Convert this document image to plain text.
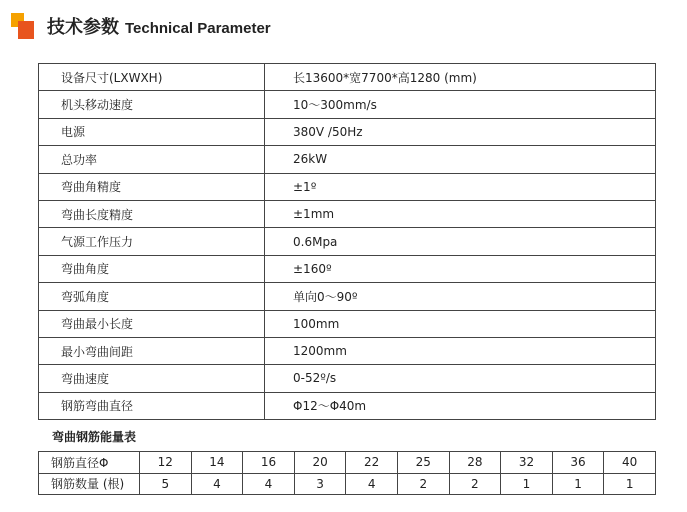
技术参数 Technical Parameter
设备尺寸(LXWXH)	长13600*宽7700*高1280 (mm)
机头移动速度	10～300mm/s
电源	380V /50Hz
总功率	26kW
弯曲角精度	±1º
弯曲长度精度	±1mm
气源工作压力	0.6Mpa
弯曲角度	±160º
弯弧角度	单向0～90º
弯曲最小长度	100mm
最小弯曲间距	1200mm
弯曲速度	0-52º/s
钢筋弯曲直径	Φ12～Φ40m
弯曲钢筋能量表
钢筋直径Φ	12	14	16	20	22	25	28	32	36	40
钢筋数量 (根)	5	4	4	3	4	2	2	1	1	1
